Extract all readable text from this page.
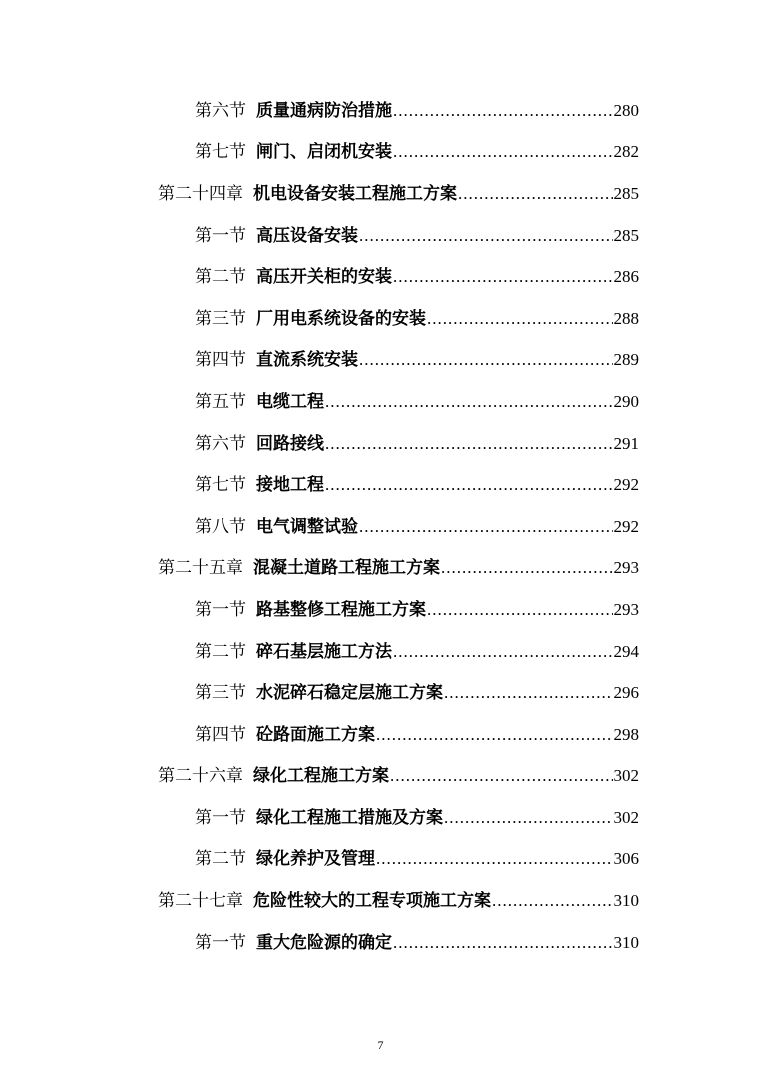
第六节 质量通病防治措施 .....	280
第七节 闸门、启闭机安装 .....	282
第二十四章 机电设备安装工程施工方案 .....	285
第一节 高压设备安装 .....	285
第二节 高压开关柜的安装 .....	286
第三节 厂用电系统设备的安装 .....	288
第四节 直流系统安装 .....	289
第五节 电缆工程 .....	290
第六节 回路接线 .....	291
第七节 接地工程 .....	292
第八节 电气调整试验 .....	292
第二十五章 混凝土道路工程施工方案 .....	293
第一节 路基整修工程施工方案 .....	293
第二节 碎石基层施工方法 .....	294
第三节 水泥碎石稳定层施工方案 .....	296
第四节 砼路面施工方案 .....	298
第二十六章 绿化工程施工方案 .....	302
第一节 绿化工程施工措施及方案 .....	302
第二节 绿化养护及管理 .....	306
第二十七章 危险性较大的工程专项施工方案 .....	310
第一节 重大危险源的确定 .....	310
7
